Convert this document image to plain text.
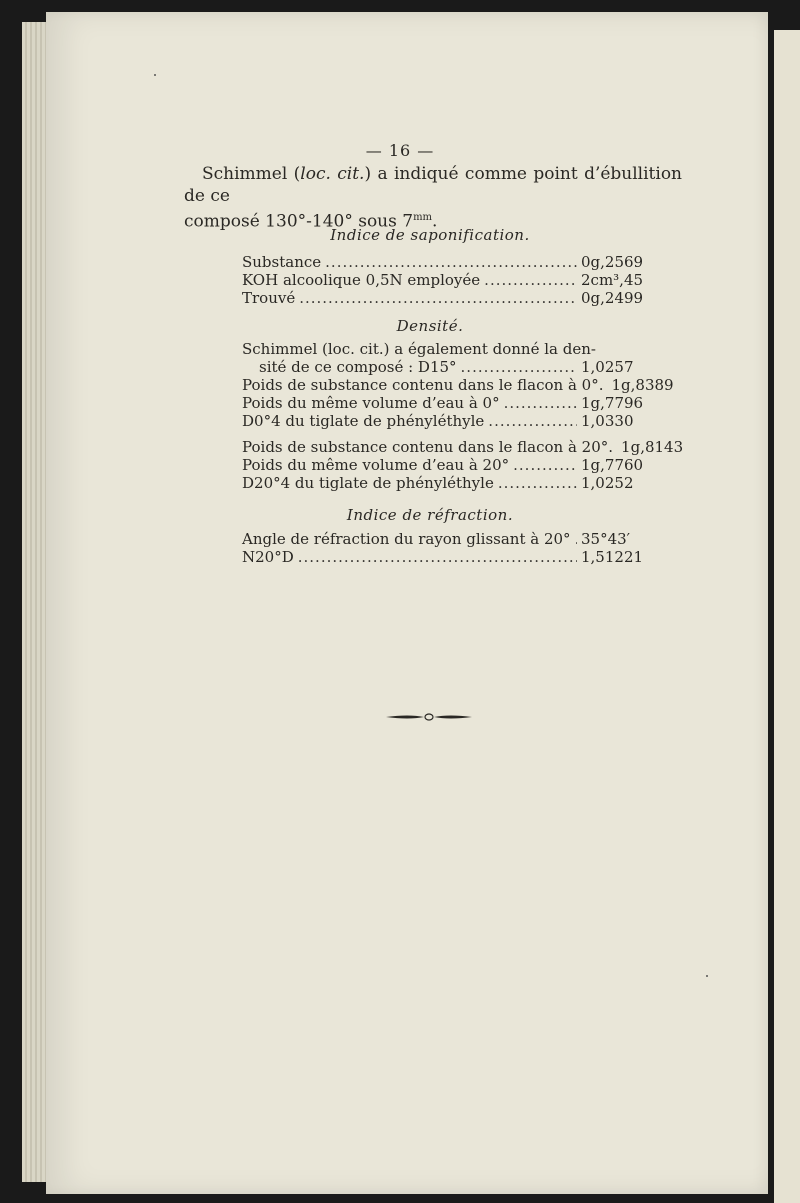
— 16 —

Schimmel (loc. cit.) a indiqué comme point d’ébullition de ce

composé 130°-140° sous $7^{mm}$.

Indice de saponification.
Substance .....	0g,2569
KOH alcoolique 0,5N employée .....	2cm³,45
Trouvé .....	0g,2499
Densité.
Schimmel (loc. cit.) a également donné la den-
sité de ce composé : D15° .....	1,0257
Poids de substance contenu dans le flacon à 0°. 1g,8389
Poids du même volume d’eau à 0° .....	1g,7796
D0°4 du tiglate de phényléthyle .....	1,0330
Poids de substance contenu dans le flacon à 20°. 1g,8143
Poids du même volume d’eau à 20° .....	1g,7760
D20°4 du tiglate de phényléthyle .....	1,0252
Indice de réfraction.
Angle de réfraction du rayon glissant à 20° ..... 35°43′
N20°D .....	1,51221
